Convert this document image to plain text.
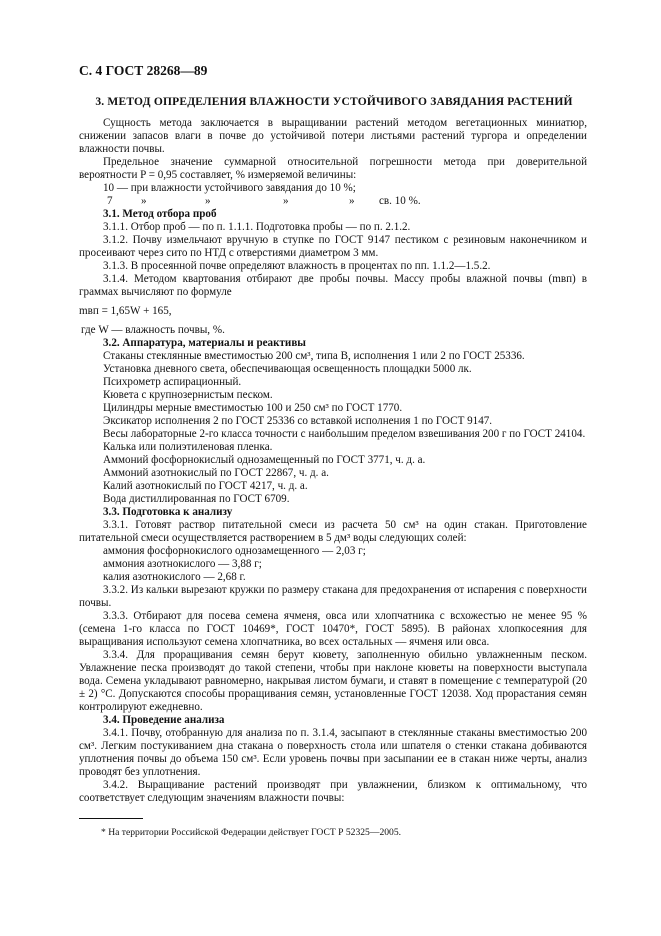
С. 4 ГОСТ 28268—89
3. МЕТОД ОПРЕДЕЛЕНИЯ ВЛАЖНОСТИ УСТОЙЧИВОГО ЗАВЯДАНИЯ РАСТЕНИЙ

Сущность метода заключается в выращивании растений методом вегетационных миниатюр, снижении запасов влаги в почве до устойчивой потери листьями растений тургора и определении влажности почвы.

Предельное значение суммарной относительной погрешности метода при доверительной вероятности P = 0,95 составляет, % измеряемой величины:

10 — при влажности устойчивого завядания до 10 %;

7	»	»	»	» св. 10 %.

3.1. Метод отбора проб

3.1.1. Отбор проб — по п. 1.1.1. Подготовка пробы — по п. 2.1.2.

3.1.2. Почву измельчают вручную в ступке по ГОСТ 9147 пестиком с резиновым наконечником и просеивают через сито по НТД с отверстиями диаметром 3 мм.

3.1.3. В просеянной почве определяют влажность в процентах по пп. 1.1.2—1.5.2.

3.1.4. Методом квартования отбирают две пробы почвы. Массу пробы влажной почвы (mвп) в граммах вычисляют по формуле

mвп = 1,65W + 165,

где W — влажность почвы, %.

3.2. Аппаратура, материалы и реактивы

Стаканы стеклянные вместимостью 200 см³, типа В, исполнения 1 или 2 по ГОСТ 25336.

Установка дневного света, обеспечивающая освещенность площадки 5000 лк.

Психрометр аспирационный.

Кювета с крупнозернистым песком.

Цилиндры мерные вместимостью 100 и 250 см³ по ГОСТ 1770.

Эксикатор исполнения 2 по ГОСТ 25336 со вставкой исполнения 1 по ГОСТ 9147.

Весы лабораторные 2-го класса точности с наибольшим пределом взвешивания 200 г по ГОСТ 24104.

Калька или полиэтиленовая пленка.

Аммоний фосфорнокислый однозамещенный по ГОСТ 3771, ч. д. а.

Аммоний азотнокислый по ГОСТ 22867, ч. д. а.

Калий азотнокислый по ГОСТ 4217, ч. д. а.

Вода дистиллированная по ГОСТ 6709.

3.3. Подготовка к анализу

3.3.1. Готовят раствор питательной смеси из расчета 50 см³ на один стакан. Приготовление питательной смеси осуществляется растворением в 5 дм³ воды следующих солей:

аммония фосфорнокислого однозамещенного — 2,03 г;

аммония азотнокислого — 3,88 г;

калия азотнокислого — 2,68 г.

3.3.2. Из кальки вырезают кружки по размеру стакана для предохранения от испарения с поверхности почвы.

3.3.3. Отбирают для посева семена ячменя, овса или хлопчатника с всхожестью не менее 95 % (семена 1-го класса по ГОСТ 10469*, ГОСТ 10470*, ГОСТ 5895). В районах хлопкосеяния для выращивания используют семена хлопчатника, во всех остальных — ячменя или овса.

3.3.4. Для проращивания семян берут кювету, заполненную обильно увлажненным песком. Увлажнение песка производят до такой степени, чтобы при наклоне кюветы на поверхности выступала вода. Семена укладывают равномерно, накрывая листом бумаги, и ставят в помещение с температурой (20 ± 2) °С. Допускаются способы проращивания семян, установленные ГОСТ 12038. Ход прорастания семян контролируют ежедневно.

3.4. Проведение анализа

3.4.1. Почву, отобранную для анализа по п. 3.1.4, засыпают в стеклянные стаканы вместимостью 200 см³. Легким постукиванием дна стакана о поверхность стола или шпателя о стенки стакана добиваются уплотнения почвы до объема 150 см³. Если уровень почвы при засыпании ее в стакан ниже черты, анализ проводят без уплотнения.

3.4.2. Выращивание растений производят при увлажнении, близком к оптимальному, что соответствует следующим значениям влажности почвы:

* На территории Российской Федерации действует ГОСТ Р 52325—2005.
